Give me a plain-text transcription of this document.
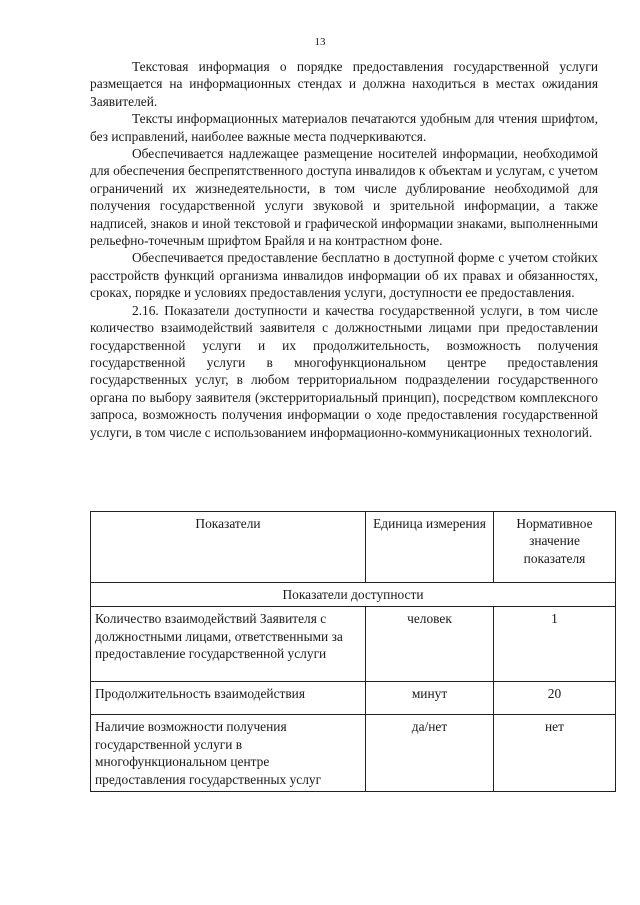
13

Текстовая информация о порядке предоставления государственной услуги размещается на информационных стендах и должна находиться в местах ожидания Заявителей.

Тексты информационных материалов печатаются удобным для чтения шрифтом, без исправлений, наиболее важные места подчеркиваются.

Обеспечивается надлежащее размещение носителей информации, необходимой для обеспечения беспрепятственного доступа инвалидов к объектам и услугам, с учетом ограничений их жизнедеятельности, в том числе дублирование необходимой для получения государственной услуги звуковой и зрительной информации, а также надписей, знаков и иной текстовой и графической информации знаками, выполненными рельефно-точечным шрифтом Брайля и на контрастном фоне.

Обеспечивается предоставление бесплатно в доступной форме с учетом стойких расстройств функций организма инвалидов информации об их правах и обязанностях, сроках, порядке и условиях предоставления услуги, доступности ее предоставления.

2.16. Показатели доступности и качества государственной услуги, в том числе количество взаимодействий заявителя с должностными лицами при предоставлении государственной услуги и их продолжительность, возможность получения государственной услуги в многофункциональном центре предоставления государственных услуг, в любом территориальном подразделении государственного органа по выбору заявителя (экстерриториальный принцип), посредством комплексного запроса, возможность получения информации о ходе предоставления государственной услуги, в том числе с использованием информационно-коммуникационных технологий.

Показатели	Единица измерения	Нормативное значение показателя
Показатели доступности		
Количество взаимодействий Заявителя с должностными лицами, ответственными за предоставление государственной услуги	человек	1
Продолжительность взаимодействия	минут	20
Наличие возможности получения государственной услуги в многофункциональном центре предоставления государственных услуг	да/нет	нет
